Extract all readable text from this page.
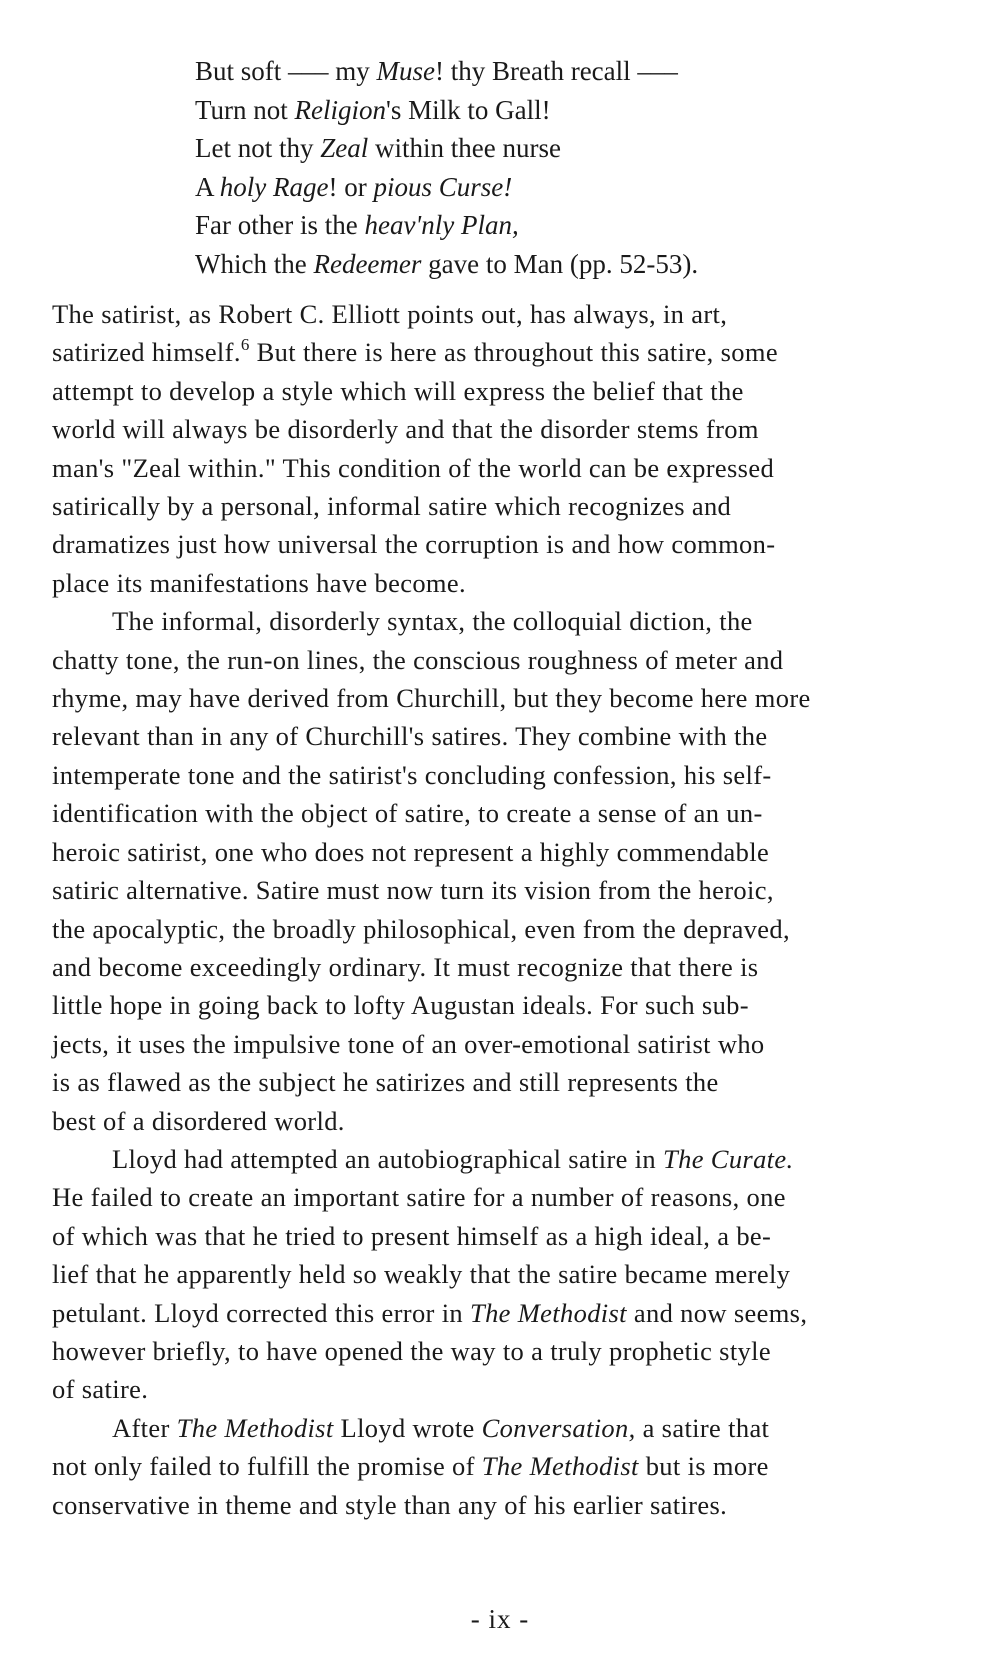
But soft ––– my Muse! thy Breath recall –––
Turn not Religion's Milk to Gall!
Let not thy Zeal within thee nurse
A holy Rage! or pious Curse!
Far other is the heav'nly Plan,
Which the Redeemer gave to Man (pp. 52-53).
The satirist, as Robert C. Elliott points out, has always, in art,
satirized himself.$^6$ But there is here as throughout this satire, some
attempt to develop a style which will express the belief that the
world will always be disorderly and that the disorder stems from
man's "Zeal within." This condition of the world can be expressed
satirically by a personal, informal satire which recognizes and
dramatizes just how universal the corruption is and how common-
place its manifestations have become.
The informal, disorderly syntax, the colloquial diction, the
chatty tone, the run-on lines, the conscious roughness of meter and
rhyme, may have derived from Churchill, but they become here more
relevant than in any of Churchill's satires. They combine with the
intemperate tone and the satirist's concluding confession, his self-
identification with the object of satire, to create a sense of an un-
heroic satirist, one who does not represent a highly commendable
satiric alternative. Satire must now turn its vision from the heroic,
the apocalyptic, the broadly philosophical, even from the depraved,
and become exceedingly ordinary. It must recognize that there is
little hope in going back to lofty Augustan ideals. For such sub-
jects, it uses the impulsive tone of an over-emotional satirist who
is as flawed as the subject he satirizes and still represents the
best of a disordered world.
Lloyd had attempted an autobiographical satire in The Curate.
He failed to create an important satire for a number of reasons, one
of which was that he tried to present himself as a high ideal, a be-
lief that he apparently held so weakly that the satire became merely
petulant. Lloyd corrected this error in The Methodist and now seems,
however briefly, to have opened the way to a truly prophetic style
of satire.
After The Methodist Lloyd wrote Conversation, a satire that
not only failed to fulfill the promise of The Methodist but is more
conservative in theme and style than any of his earlier satires.
- ix -
